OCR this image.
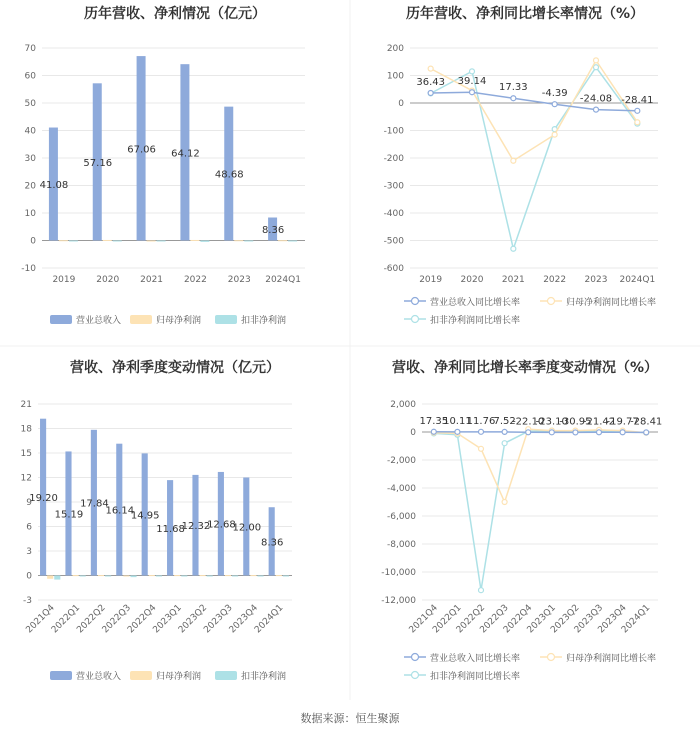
历年营收、净利情况（亿元）
-10
0
10
20
30
40
50
60
70
2019 2020 2021 2022 2023 2024Q1
41.08
57.16
67.06 64.12
48.68
8.36
营业总收入	归母净利润	扣非净利润
历年营收、净利同比增长率情况（%）
-600
-500
-400
-300
-200
-100
0
100
200
2019 2020 2021 2022 2023 2024Q1
36.43 39.14
17.33
-4.39 -24.08 -28.41
营业总收入同比增长率	归母净利润同比增长率
扣非净利润同比增长率
营收、净利季度变动情况（亿元）
-3
0
3
6
9
12
15
18
21
2021Q4
2022Q1
2022Q2
2022Q3
2022Q4
2023Q1
2023Q2
2023Q3
2023Q4
2024Q1
19.20
15.19
17.84
16.14
14.95
11.68
12.32
12.68
12.00
8.36
营业总收入	归母净利润	扣非净利润
营收、净利同比增长率季度变动情况（%）
-12,000
-10,000
-8,000
-6,000
-4,000
-2,000
0
2,000
2021Q4
2022Q1
2022Q2
2022Q3
2022Q4
2023Q1
2023Q2
2023Q3
2023Q4
2024Q1
17.35
10.11
11.76
7.52
-22.10
-23.10
-30.95
-21.42
-19.77
-28.41
营业总收入同比增长率	归母净利润同比增长率
扣非净利润同比增长率
数据来源：恒生聚源
